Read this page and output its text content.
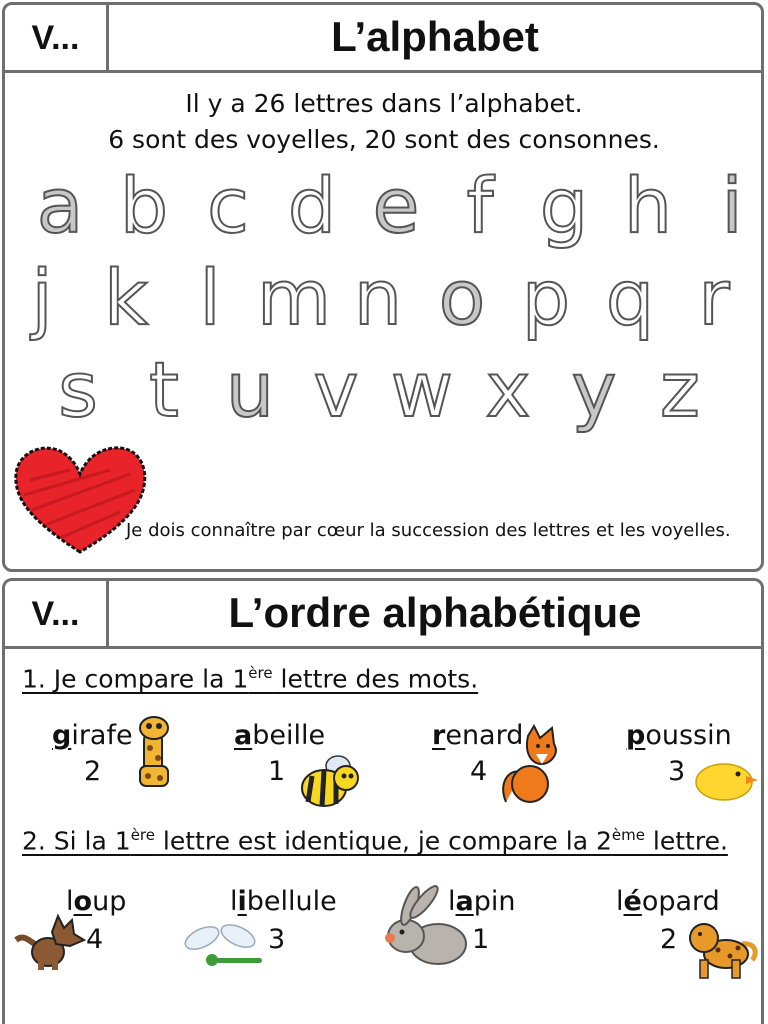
V...	L’alphabet
Il y a 26 lettres dans l’alphabet.
6 sont des voyelles, 20 sont des consonnes.
a b c d e f g h i
j k l m n o p q r
s t u v w x y z
Je dois connaître par cœur la succession des lettres et les voyelles.
V...	L’ordre alphabétique
1. Je compare la 1ère lettre des mots.
2. Si la 1ère lettre est identique, je compare la 2ème lettre.
girafe
2
abeille
1
renard
4
poussin
3
loup
4
libellule
3
lapin
1
léopard
2
